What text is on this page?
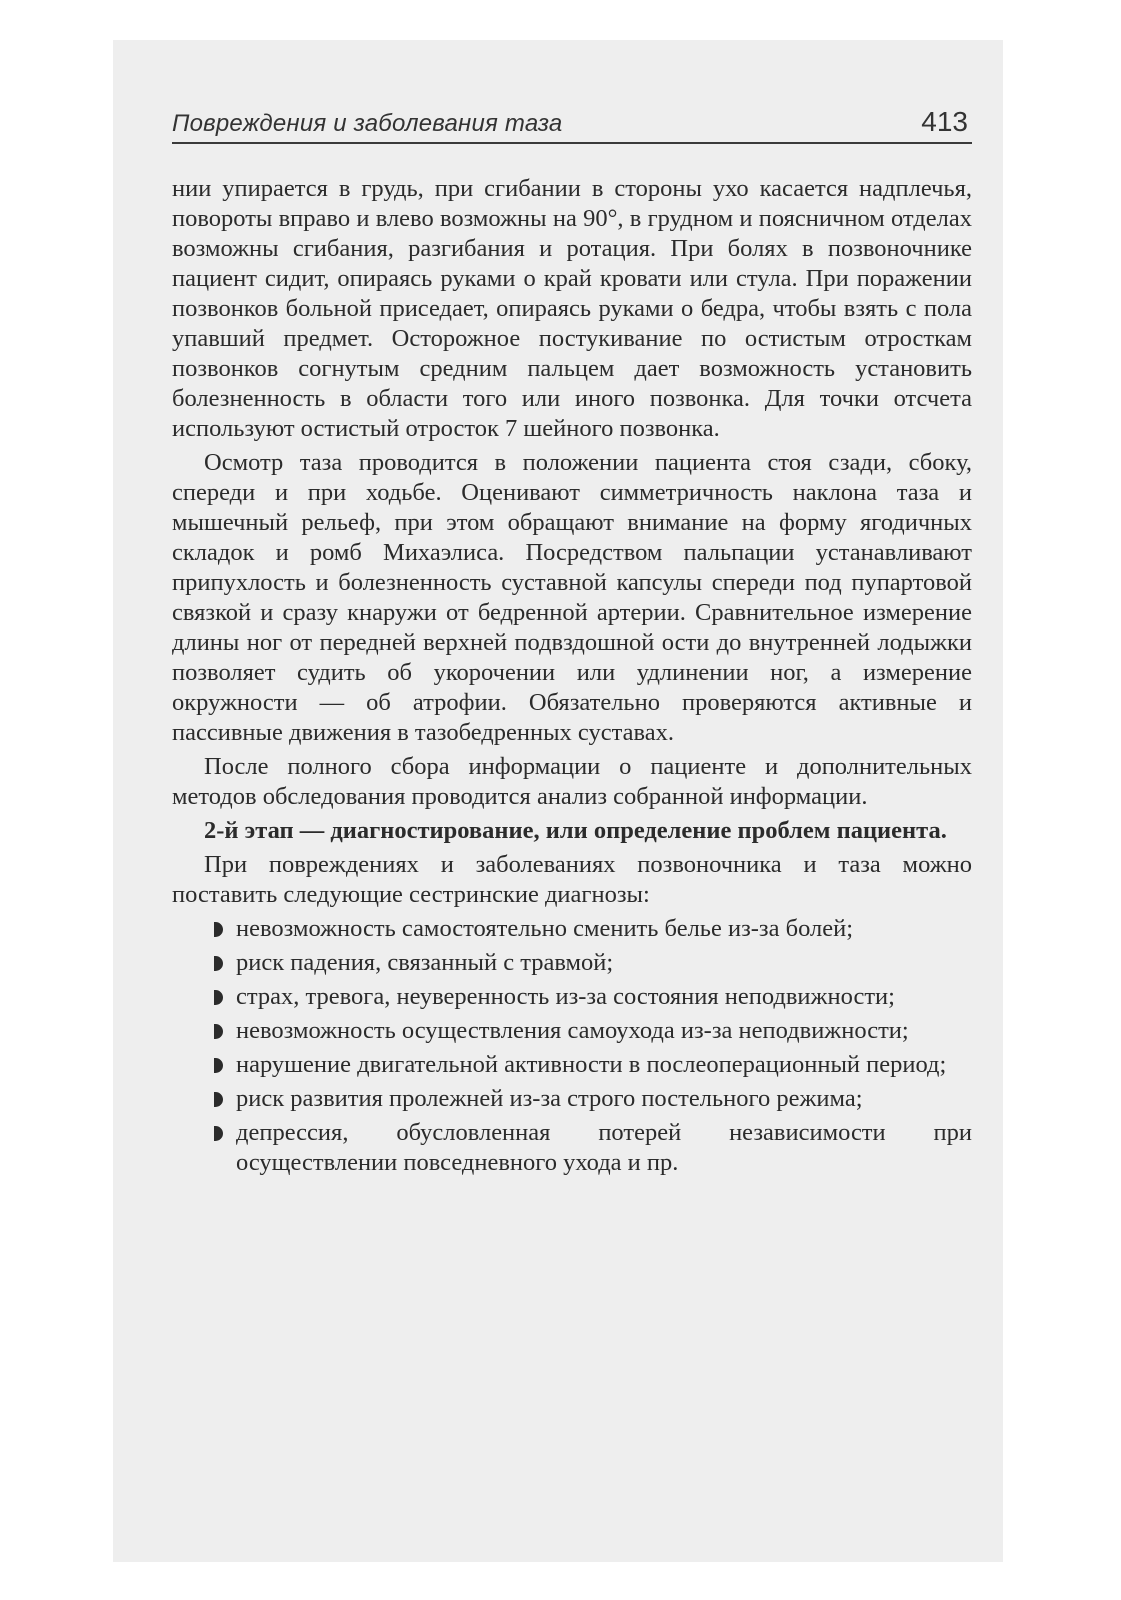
Повреждения и заболевания таза	413

нии упирается в грудь, при сгибании в стороны ухо касается надплечья, повороты вправо и влево возможны на 90°, в грудном и поясничном отделах возможны сгибания, разгибания и ротация. При болях в позвоночнике пациент сидит, опираясь руками о край кровати или стула. При поражении позвонков больной приседает, опираясь руками о бедра, чтобы взять с пола упавший предмет. Осторожное постукивание по остистым отросткам позвонков согнутым средним пальцем дает возможность установить болезненность в области того или иного позвонка. Для точки отсчета используют остистый отросток 7 шейного позвонка.

Осмотр таза проводится в положении пациента стоя сзади, сбоку, спереди и при ходьбе. Оценивают симметричность наклона таза и мышечный рельеф, при этом обращают внимание на форму ягодичных складок и ромб Михаэлиса. Посредством пальпации устанавливают припухлость и болезненность суставной капсулы спереди под пупартовой связкой и сразу кнаружи от бедренной артерии. Сравнительное измерение длины ног от передней верхней подвздошной ости до внутренней лодыжки позволяет судить об укорочении или удлинении ног, а измерение окружности — об атрофии. Обязательно проверяются активные и пассивные движения в тазобедренных суставах.

После полного сбора информации о пациенте и дополнительных методов обследования проводится анализ собранной информации.

2-й этап — диагностирование, или определение проблем пациента.

При повреждениях и заболеваниях позвоночника и таза можно поставить следующие сестринские диагнозы:

невозможность самостоятельно сменить белье из-за болей;
риск падения, связанный с травмой;
страх, тревога, неуверенность из-за состояния неподвижности;
невозможность осуществления самоухода из-за неподвижности;
нарушение двигательной активности в послеоперационный период;
риск развития пролежней из-за строго постельного режима;
депрессия, обусловленная потерей независимости при осуществлении повседневного ухода и пр.
